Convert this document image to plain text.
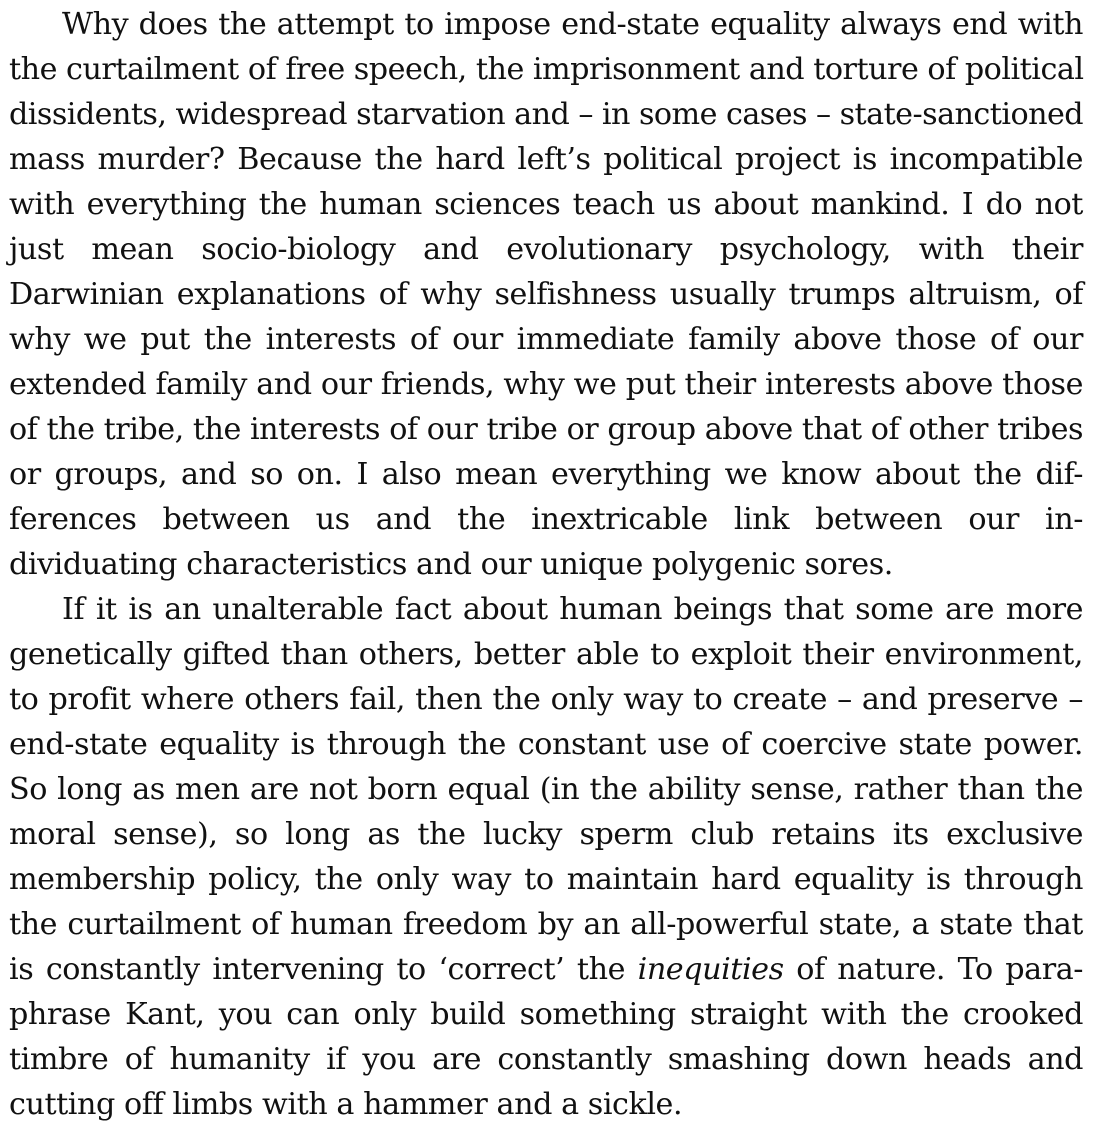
Why does the attempt to impose end-state equality always end with
the curtailment of free speech, the imprisonment and torture of political
dissidents, widespread starvation and – in some cases – state-sanctioned
mass murder? Because the hard left’s political project is incompatible
with everything the human sciences teach us about mankind. I do not
just mean socio-biology and evolutionary psychology, with their
Darwinian explanations of why selfishness usually trumps altruism, of
why we put the interests of our immediate family above those of our
extended family and our friends, why we put their interests above those
of the tribe, the interests of our tribe or group above that of other tribes
or groups, and so on. I also mean everything we know about the dif-
ferences between us and the inextricable link between our in-
dividuating characteristics and our unique polygenic sores.
If it is an unalterable fact about human beings that some are more
genetically gifted than others, better able to exploit their environment,
to profit where others fail, then the only way to create – and preserve –
end-state equality is through the constant use of coercive state power.
So long as men are not born equal (in the ability sense, rather than the
moral sense), so long as the lucky sperm club retains its exclusive
membership policy, the only way to maintain hard equality is through
the curtailment of human freedom by an all-powerful state, a state that
is constantly intervening to ‘correct’ the inequities of nature. To para-
phrase Kant, you can only build something straight with the crooked
timbre of humanity if you are constantly smashing down heads and
cutting off limbs with a hammer and a sickle.
